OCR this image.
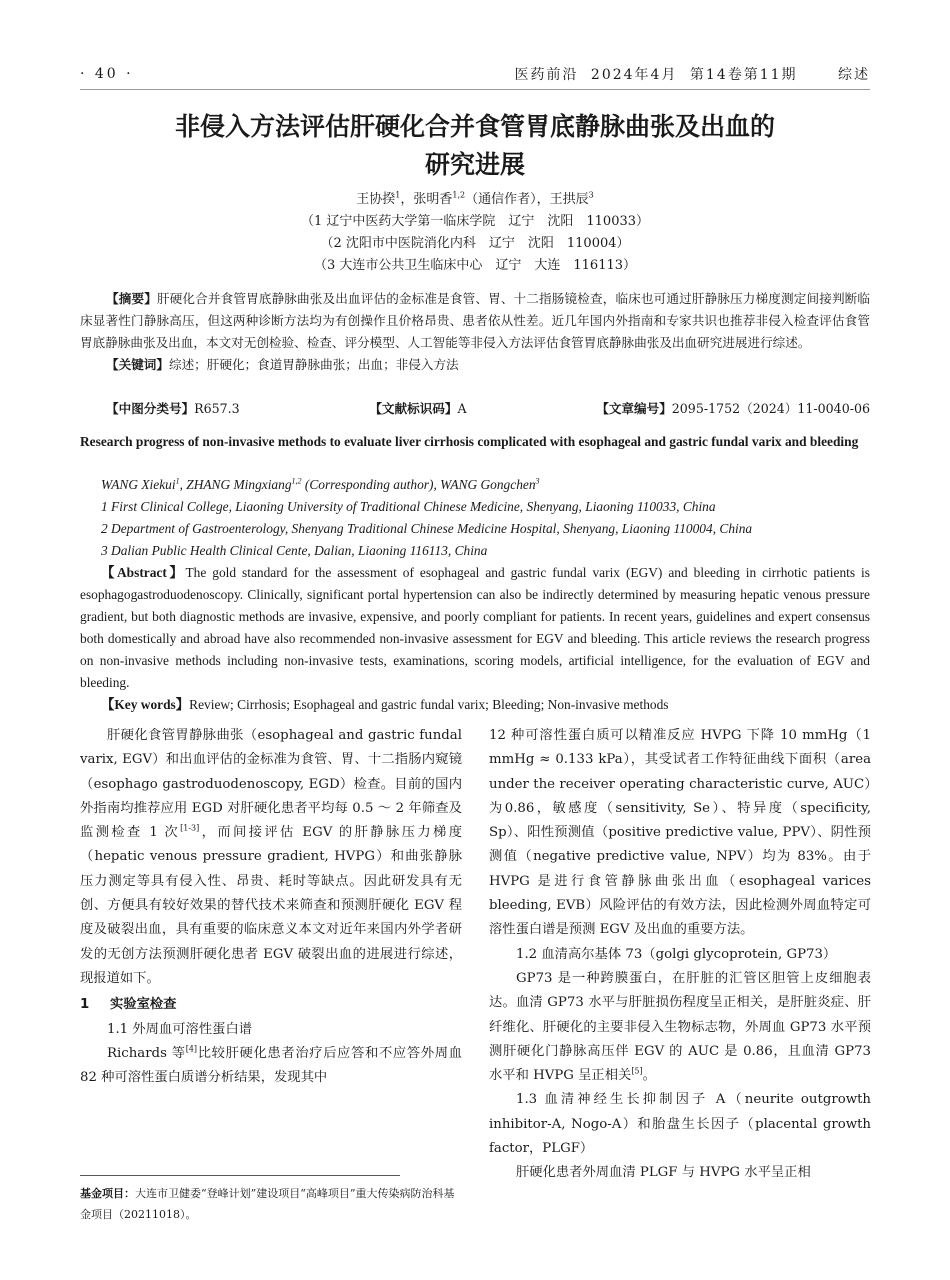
· 40 ·	医药前沿 2024年4月 第14卷第11期	综述
非侵入方法评估肝硬化合并食管胃底静脉曲张及出血的
研究进展
王协揆$^1$，张明香$^{1,2}$（通信作者），王拱辰$^3$
（1 辽宁中医药大学第一临床学院　辽宁　沈阳　110033）
（2 沈阳市中医院消化内科　辽宁　沈阳　110004）
（3 大连市公共卫生临床中心　辽宁　大连　116113）

【摘要】肝硬化合并食管胃底静脉曲张及出血评估的金标准是食管、胃、十二指肠镜检查，临床也可通过肝静脉压力梯度测定间接判断临床显著性门静脉高压，但这两种诊断方法均为有创操作且价格昂贵、患者依从性差。近几年国内外指南和专家共识也推荐非侵入检查评估食管胃底静脉曲张及出血，本文对无创检验、检查、评分模型、人工智能等非侵入方法评估食管胃底静脉曲张及出血研究进展进行综述。

【关键词】综述；肝硬化；食道胃静脉曲张；出血；非侵入方法

【中图分类号】R657.3	【文献标识码】A	【文章编号】2095-1752（2024）11-0040-06
Research progress of non-invasive methods to evaluate liver cirrhosis complicated with esophageal and gastric fundal varix and bleeding
WANG Xiekui$^1$, ZHANG Mingxiang$^{1,2}$ (Corresponding author), WANG Gongchen$^3$
1 First Clinical College, Liaoning University of Traditional Chinese Medicine, Shenyang, Liaoning 110033, China
2 Department of Gastroenterology, Shenyang Traditional Chinese Medicine Hospital, Shenyang, Liaoning 110004, China
3 Dalian Public Health Clinical Cente, Dalian, Liaoning 116113, China

【Abstract】The gold standard for the assessment of esophageal and gastric fundal varix (EGV) and bleeding in cirrhotic patients is esophagogastroduodenoscopy. Clinically, significant portal hypertension can also be indirectly determined by measuring hepatic venous pressure gradient, but both diagnostic methods are invasive, expensive, and poorly compliant for patients. In recent years, guidelines and expert consensus both domestically and abroad have also recommended non-invasive assessment for EGV and bleeding. This article reviews the research progress on non-invasive methods including non-invasive tests, examinations, scoring models, artificial intelligence, for the evaluation of EGV and bleeding.

【Key words】Review; Cirrhosis; Esophageal and gastric fundal varix; Bleeding; Non-invasive methods

肝硬化食管胃静脉曲张（esophageal and gastric fundal varix, EGV）和出血评估的金标准为食管、胃、十二指肠内窥镜（esophago gastroduodenoscopy, EGD）检查。目前的国内外指南均推荐应用 EGD 对肝硬化患者平均每 0.5 ～ 2 年筛查及监测检查 1 次[1-3]，而间接评估 EGV 的肝静脉压力梯度（hepatic venous pressure gradient, HVPG）和曲张静脉压力测定等具有侵入性、昂贵、耗时等缺点。因此研发具有无创、方便具有较好效果的替代技术来筛查和预测肝硬化 EGV 程度及破裂出血，具有重要的临床意义本文对近年来国内外学者研发的无创方法预测肝硬化患者 EGV 破裂出血的进展进行综述，现报道如下。

1 实验室检查

1.1 外周血可溶性蛋白谱

Richards 等[4]比较肝硬化患者治疗后应答和不应答外周血 82 种可溶性蛋白质谱分析结果，发现其中

12 种可溶性蛋白质可以精准反应 HVPG 下降 10 mmHg（1 mmHg ≈ 0.133 kPa），其受试者工作特征曲线下面积（area under the receiver operating characteristic curve, AUC）为0.86，敏感度（sensitivity, Se）、特异度（specificity, Sp）、阳性预测值（positive predictive value, PPV）、阴性预测值（negative predictive value, NPV）均为 83%。由于 HVPG 是进行食管静脉曲张出血（esophageal varices bleeding, EVB）风险评估的有效方法，因此检测外周血特定可溶性蛋白谱是预测 EGV 及出血的重要方法。

1.2 血清高尔基体 73（golgi glycoprotein, GP73）

GP73 是一种跨膜蛋白，在肝脏的汇管区胆管上皮细胞表达。血清 GP73 水平与肝脏损伤程度呈正相关，是肝脏炎症、肝纤维化、肝硬化的主要非侵入生物标志物，外周血 GP73 水平预测肝硬化门静脉高压伴 EGV 的 AUC 是 0.86，且血清 GP73 水平和 HVPG 呈正相关[5]。

1.3 血清神经生长抑制因子 A（neurite outgrowth inhibitor-A, Nogo-A）和胎盘生长因子（placental growth factor，PLGF）

肝硬化患者外周血清 PLGF 与 HVPG 水平呈正相

基金项目：大连市卫健委“登峰计划”建设项目“高峰项目”重大传染病防治科基金项目（20211018）。
